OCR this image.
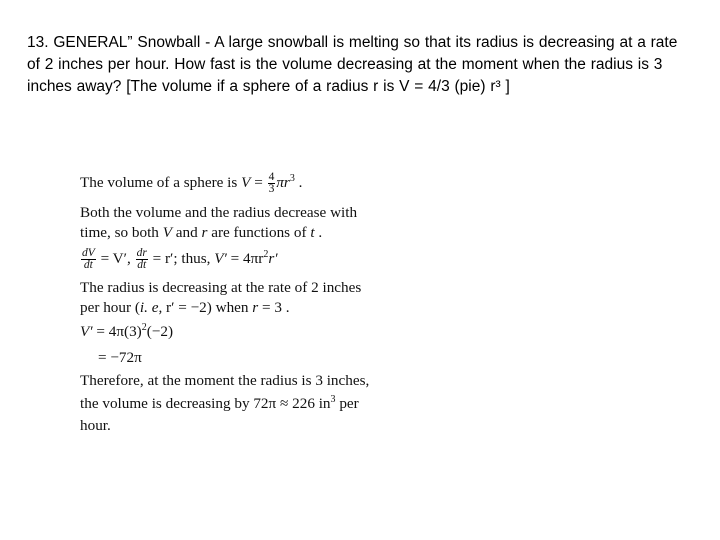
13. GENERAL” Snowball - A large snowball is melting so that its radius is decreasing at a rate of 2 inches per hour. How fast is the volume decreasing at the moment when the radius is 3 inches away? [The volume if a sphere of a radius r is V = 4/3 (pie) r³ ]

The volume of a sphere is $V = \frac{4}{3} \pi r^3$ .
Both the volume and the radius decrease with
time, so both V and r are functions of t .
$\frac{dV}{dt} = V'$, $\frac{dr}{dt} = r'$; thus, $V' = 4\pi r^2r'$
The radius is decreasing at the rate of 2 inches
per hour (i. e, r′ = −2) when r = 3 .
$V' = 4\pi(3)^2(-2)$
= −72π
Therefore, at the moment the radius is 3 inches,
the volume is decreasing by 72π ≈ 226 $in^3$ per
hour.
